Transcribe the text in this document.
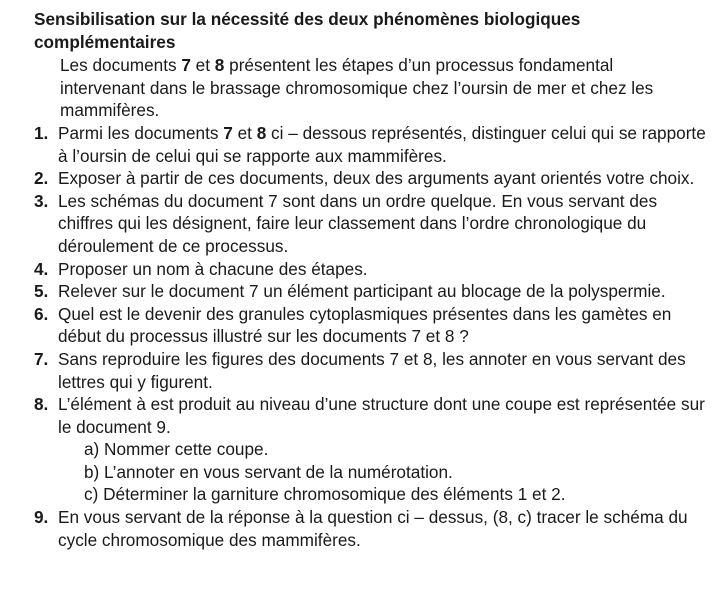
Sensibilisation sur la nécessité des deux phénomènes biologiques complémentaires

Les documents 7 et 8 présentent les étapes d’un processus fondamental intervenant dans le brassage chromosomique chez l’oursin de mer et chez les mammifères.

1. Parmi les documents 7 et 8 ci – dessous représentés, distinguer celui qui se rapporte à l’oursin de celui qui se rapporte aux mammifères.
2. Exposer à partir de ces documents, deux des arguments ayant orientés votre choix.
3. Les schémas du document 7 sont dans un ordre quelque. En vous servant des chiffres qui les désignent, faire leur classement dans l’ordre chronologique du déroulement de ce processus.
4. Proposer un nom à chacune des étapes.
5. Relever sur le document 7 un élément participant au blocage de la polyspermie.
6. Quel est le devenir des granules cytoplasmiques présentes dans les gamètes en début du processus illustré sur les documents 7 et 8 ?
7. Sans reproduire les figures des documents 7 et 8, les annoter en vous servant des lettres qui y figurent.
8. L’élément à est produit au niveau d’une structure dont une coupe est représentée sur le document 9.
a) Nommer cette coupe.
b) L’annoter en vous servant de la numérotation.
c) Déterminer la garniture chromosomique des éléments 1 et 2.
9. En vous servant de la réponse à la question ci – dessus, (8, c) tracer le schéma du cycle chromosomique des mammifères.
